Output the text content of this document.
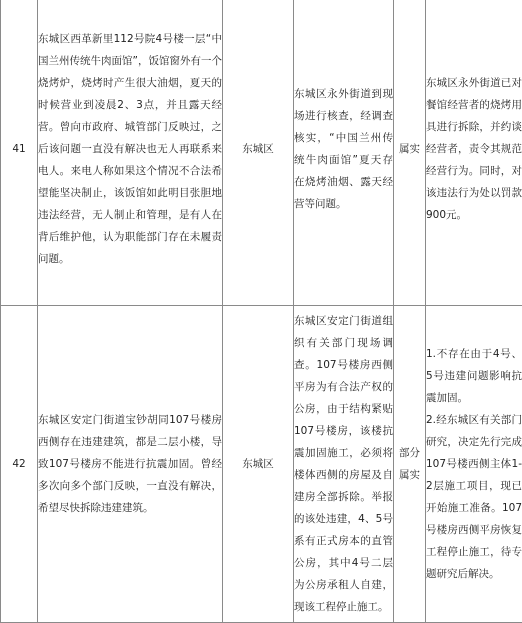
41	东城区西革新里112号院4号楼一层“中国兰州传统牛肉面馆”，饭馆窗外有一个烧烤炉，烧烤时产生很大油烟，夏天的时候营业到凌晨2、3点，并且露天经营。曾向市政府、城管部门反映过，之后该问题一直没有解决也无人再联系来电人。来电人称如果这个情况不合法希望能坚决制止，该饭馆如此明目张胆地违法经营，无人制止和管理，是有人在背后维护他，认为职能部门存在未履责问题。	东城区	东城区永外街道到现场进行核查，经调查核实，“中国兰州传统牛肉面馆”夏天存在烧烤油烟、露天经营等问题。	属实	东城区永外街道已对餐馆经营者的烧烤用具进行拆除，并约谈经营者，责令其规范经营行为。同时，对该违法行为处以罚款900元。

42	东城区安定门街道宝钞胡同107号楼房西侧存在违建建筑，都是二层小楼，导致107号楼房不能进行抗震加固。曾经多次向多个部门反映，一直没有解决，希望尽快拆除违建建筑。	东城区	东城区安定门街道组织有关部门现场调查。107号楼房西侧平房为有合法产权的公房，由于结构紧贴107号楼房，该楼抗震加固施工，必须将楼体西侧的房屋及自建房全部拆除。举报的该处违建，4、5号系有正式房本的直管公房，其中4号二层为公房承租人自建，现该工程停止施工。	部分属实	1.不存在由于4号、5号违建问题影响抗震加固。
2.经东城区有关部门研究，决定先行完成107号楼西侧主体1-2层施工项目，现已开始施工准备。107号楼房西侧平房恢复工程停止施工，待专题研究后解决。
